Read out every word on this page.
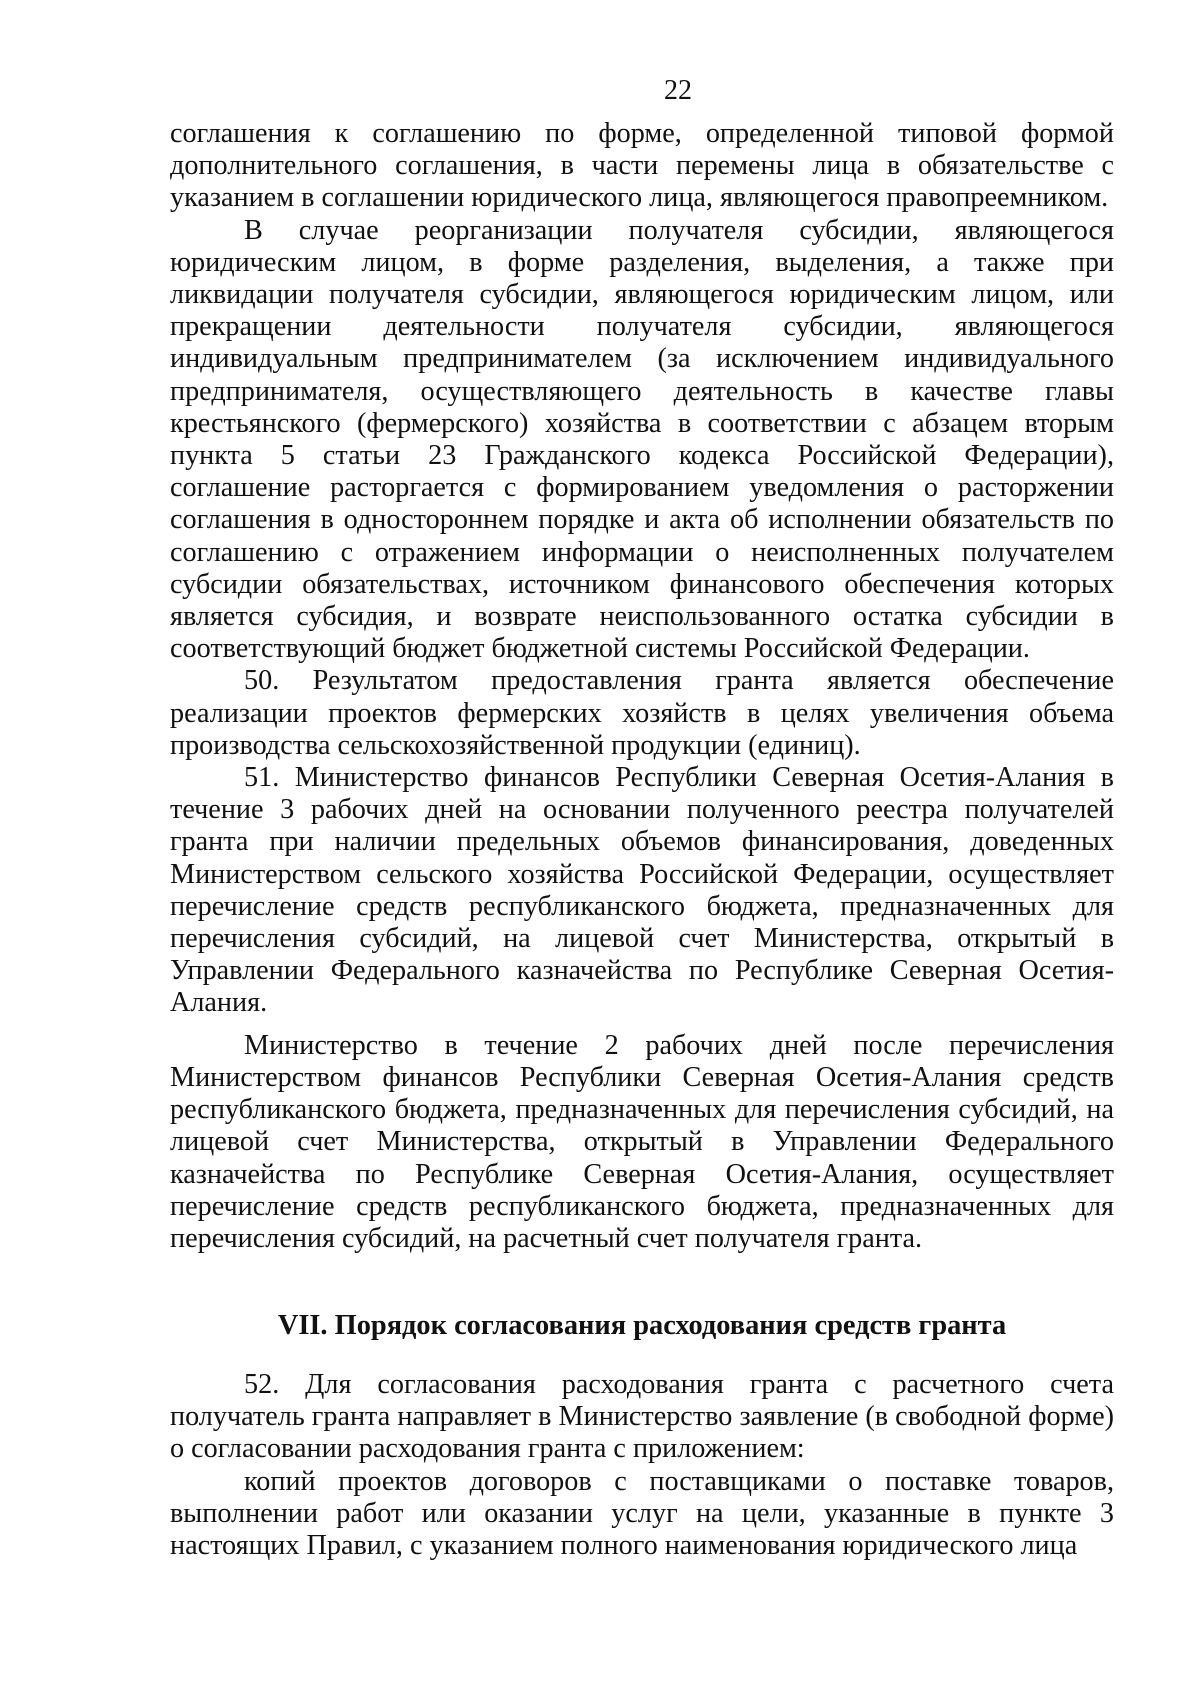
22

соглашения к соглашению по форме, определенной типовой формой дополнительного соглашения, в части перемены лица в обязательстве с указанием в соглашении юридического лица, являющегося правопреемником.

В случае реорганизации получателя субсидии, являющегося юридическим лицом, в форме разделения, выделения, а также при ликвидации получателя субсидии, являющегося юридическим лицом, или прекращении деятельности получателя субсидии, являющегося индивидуальным предпринимателем (за исключением индивидуального предпринимателя, осуществляющего деятельность в качестве главы крестьянского (фермерского) хозяйства в соответствии с абзацем вторым пункта 5 статьи 23 Гражданского кодекса Российской Федерации), соглашение расторгается с формированием уведомления о расторжении соглашения в одностороннем порядке и акта об исполнении обязательств по соглашению с отражением информации о неисполненных получателем субсидии обязательствах, источником финансового обеспечения которых является субсидия, и возврате неиспользованного остатка субсидии в соответствующий бюджет бюджетной системы Российской Федерации.

50. Результатом предоставления гранта является обеспечение реализации проектов фермерских хозяйств в целях увеличения объема производства сельскохозяйственной продукции (единиц).

51. Министерство финансов Республики Северная Осетия-Алания в течение 3 рабочих дней на основании полученного реестра получателей гранта при наличии предельных объемов финансирования, доведенных Министерством сельского хозяйства Российской Федерации, осуществляет перечисление средств республиканского бюджета, предназначенных для перечисления субсидий, на лицевой счет Министерства, открытый в Управлении Федерального казначейства по Республике Северная Осетия-Алания.

Министерство в течение 2 рабочих дней после перечисления Министерством финансов Республики Северная Осетия-Алания средств республиканского бюджета, предназначенных для перечисления субсидий, на лицевой счет Министерства, открытый в Управлении Федерального казначейства по Республике Северная Осетия-Алания, осуществляет перечисление средств республиканского бюджета, предназначенных для перечисления субсидий, на расчетный счет получателя гранта.

VII. Порядок согласования расходования средств гранта

52. Для согласования расходования гранта с расчетного счета получатель гранта направляет в Министерство заявление (в свободной форме) о согласовании расходования гранта с приложением:

копий проектов договоров с поставщиками о поставке товаров, выполнении работ или оказании услуг на цели, указанные в пункте 3 настоящих Правил, с указанием полного наименования юридического лица
